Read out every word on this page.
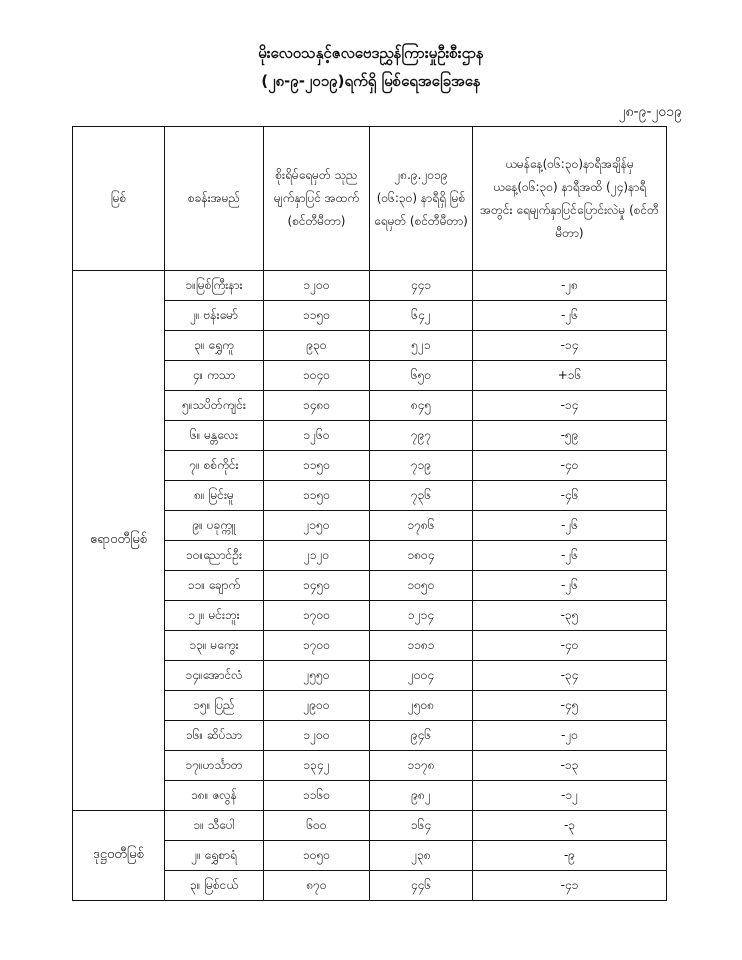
မိုးလေဝသနှင့်ဇလဗေဒညွှန်ကြားမှုဦးစီးဌာန
(၂၈-၉-၂၀၁၉)ရက်ရှိ မြစ်ရေအခြေအနေ
၂၈-၉-၂၀၁၉
မြစ်	စခန်းအမည်	စိုးရိမ်ရေမှတ် သုည မျက်နှာပြင် အထက် (စင်တီမီတာ)	၂၈.၉.၂၀၁၉ (၀၆:၃၀) နာရီရှိ မြစ်ရေမှတ် (စင်တီမီတာ)	ယမန်နေ့(၀၆:၃၀)နာရီအချိန်မှ ယနေ့(၀၆:၃၀) နာရီအထိ (၂၄)နာရီအတွင်း ရေမျက်နှာပြင်ပြောင်းလဲမှု (စင်တီမီတာ)
ဧရာဝတီမြစ်	၁။မြစ်ကြီးနား	၁၂၀၀	၄၄၁	-၂၈
	၂။ ဗန်းမော်	၁၁၅၀	၆၄၂	-၂၆
	၃။ ရွှေကူ	၉၃၀	၅၂၁	-၁၄
	၄။ ကသာ	၁၀၄၀	၆၅၀	+၁၆
	၅။သပိတ်ကျင်း	၁၄၈၀	၈၄၅	-၁၄
	၆။ မန္တလေး	၁၂၆၀	၇၉၇	-၅၉
	၇။ စစ်ကိုင်း	၁၁၅၀	၇၁၉	-၄၀
	၈။ မြင်းမူ	၁၁၅၀	၇၃၆	-၄၆
	၉။ ပခုက္ကူ	၂၁၅၀	၁၇၈၆	-၂၆
	၁၀။ညောင်ဦး	၂၁၂၀	၁၈၀၄	-၂၆
	၁၁။ ချောက်	၁၄၅၀	၁၀၅၀	-၂၆
	၁၂။ မင်းဘူး	၁၇၀၀	၁၂၁၄	-၃၅
	၁၃။ မကွေး	၁၇၀၀	၁၁၈၁	-၄၀
	၁၄။အောင်လံ	၂၅၅၀	၂၀၀၄	-၃၄
	၁၅။ ပြည်	၂၉၀၀	၂၅၀၈	-၄၅
	၁၆။ ဆိပ်သာ	၁၂၀၀	၉၄၆	-၂၀
	၁၇။ဟင်္သာတ	၁၃၄၂	၁၁၇၈	-၁၃
	၁၈။ ဇလွန်	၁၁၆၀	၉၈၂	-၁၂
ဒုဋ္ဌဝတီမြစ်	၁။ သီပေါ	၆၀၀	၁၆၄	-၃
	၂။ ရွှေစာရံ	၁၀၅၀	၂၃၈	-၉
	၃။ မြစ်ငယ်	၈၇၀	၄၄၆	-၄၁
